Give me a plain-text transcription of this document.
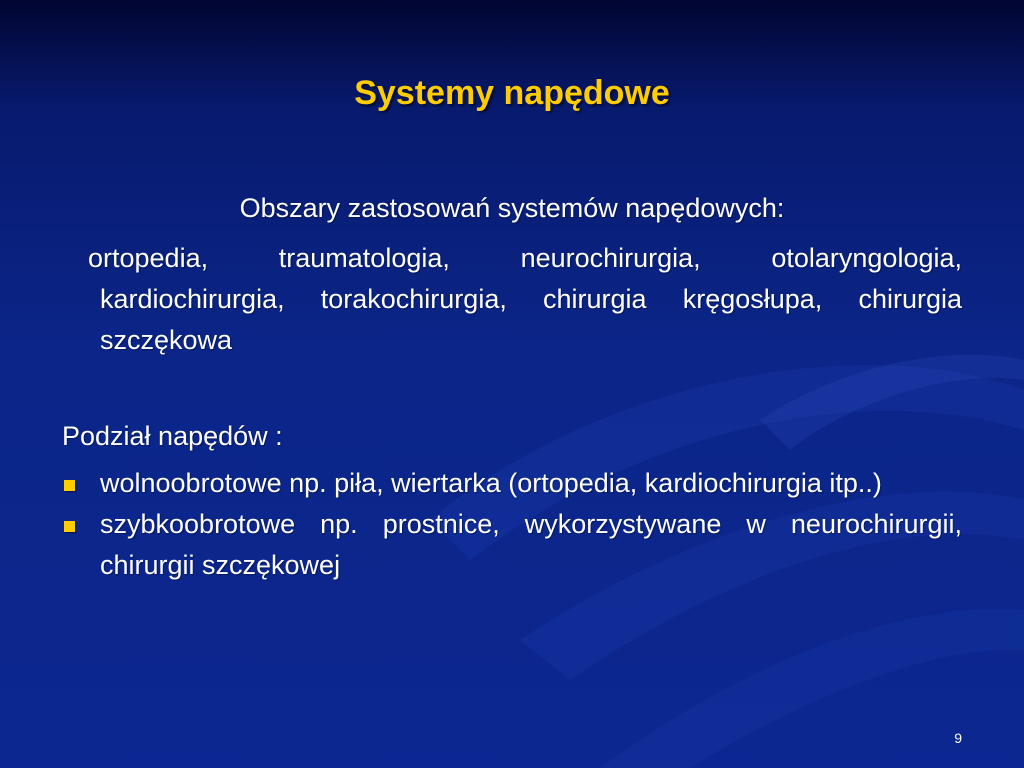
Systemy napędowe
Obszary zastosowań systemów napędowych:
ortopedia, traumatologia, neurochirurgia, otolaryngologia, kardiochirurgia, torakochirurgia, chirurgia kręgosłupa, chirurgia szczękowa
Podział napędów :
wolnoobrotowe np. piła, wiertarka (ortopedia, kardiochirurgia itp..)
szybkoobrotowe np. prostnice, wykorzystywane w neurochirurgii, chirurgii szczękowej
9
